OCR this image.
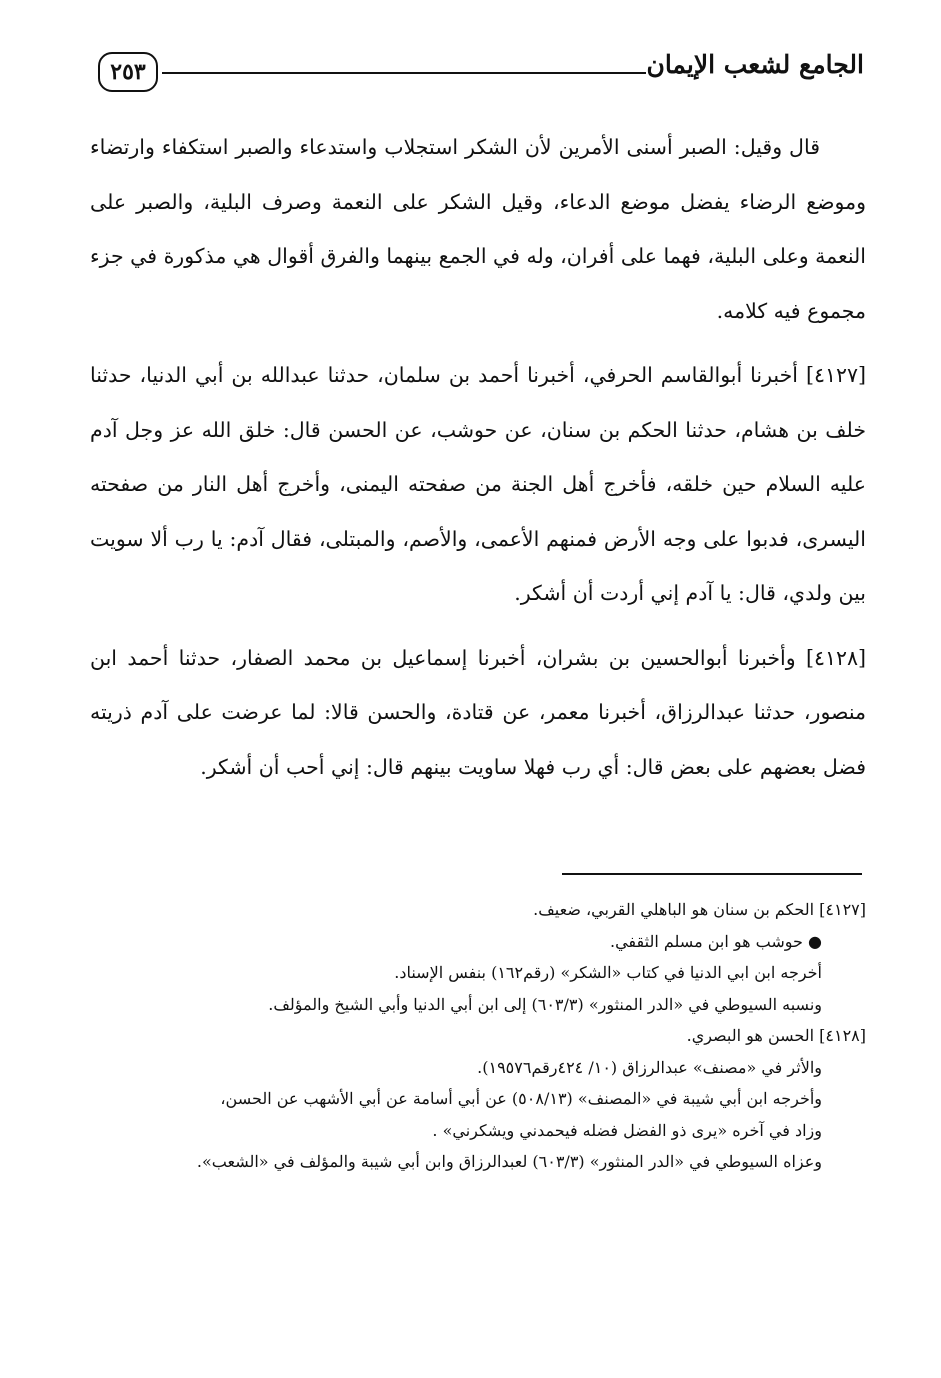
٢٥٣	الجامع لشعب الإيمان

قال وقيل: الصبر أسنى الأمرين لأن الشكر استجلاب واستدعاء والصبر استكفاء وارتضاء وموضع الرضاء يفضل موضع الدعاء، وقيل الشكر على النعمة وصرف البلية، والصبر على النعمة وعلى البلية، فهما على أفران، وله في الجمع بينهما والفرق أقوال هي مذكورة في جزء مجموع فيه كلامه.

[٤١٢٧] أخبرنا أبوالقاسم الحرفي، أخبرنا أحمد بن سلمان، حدثنا عبدالله بن أبي الدنيا، حدثنا خلف بن هشام، حدثنا الحكم بن سنان، عن حوشب، عن الحسن قال: خلق الله عز وجل آدم عليه السلام حين خلقه، فأخرج أهل الجنة من صفحته اليمنى، وأخرج أهل النار من صفحته اليسرى، فدبوا على وجه الأرض فمنهم الأعمى، والأصم، والمبتلى، فقال آدم: يا رب ألا سويت بين ولدي، قال: يا آدم إني أردت أن أشكر.

[٤١٢٨] وأخبرنا أبوالحسين بن بشران، أخبرنا إسماعيل بن محمد الصفار، حدثنا أحمد ابن منصور، حدثنا عبدالرزاق، أخبرنا معمر، عن قتادة، والحسن قالا: لما عرضت على آدم ذريته فضل بعضهم على بعض قال: أي رب فهلا ساويت بينهم قال: إني أحب أن أشكر.

[٤١٢٧] الحكم بن سنان هو الباهلي القربي، ضعيف.
● حوشب هو ابن مسلم الثقفي.
أخرجه ابن ابي الدنيا في كتاب «الشكر» (رقم١٦٢) بنفس الإسناد.
ونسبه السيوطي في «الدر المنثور» (٦٠٣/٣) إلى ابن أبي الدنيا وأبي الشيخ والمؤلف.
[٤١٢٨] الحسن هو البصري.
والأثر في «مصنف» عبدالرزاق (١٠/ ٤٢٤رقم١٩٥٧٦).
وأخرجه ابن أبي شيبة في «المصنف» (٥٠٨/١٣) عن أبي أسامة عن أبي الأشهب عن الحسن،
وزاد في آخره «يرى ذو الفضل فضله فيحمدني ويشكرني» .
وعزاه السيوطي في «الدر المنثور» (٦٠٣/٣) لعبدالرزاق وابن أبي شيبة والمؤلف في «الشعب».
